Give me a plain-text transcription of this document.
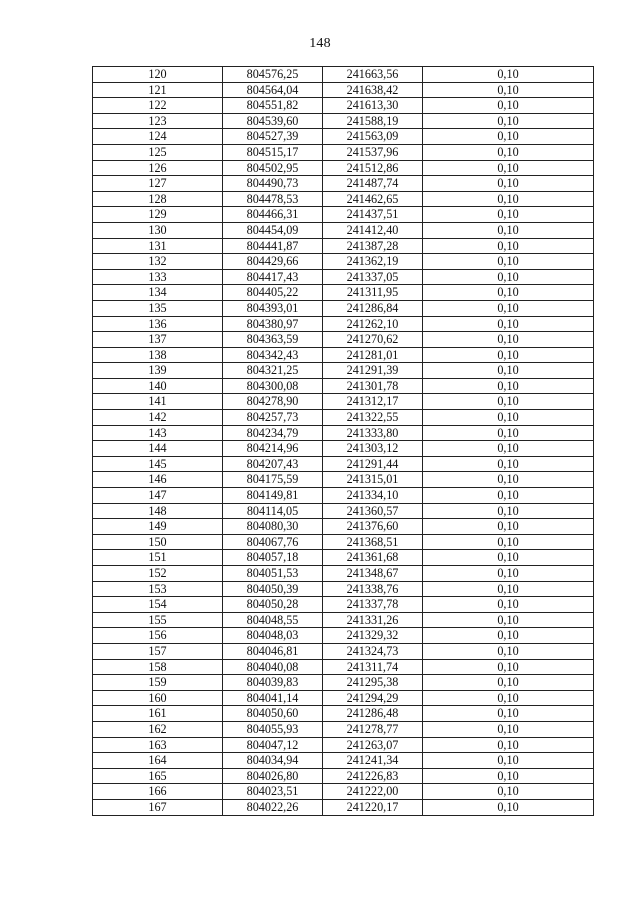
148
120	804576,25	241663,56	0,10
121	804564,04	241638,42	0,10
122	804551,82	241613,30	0,10
123	804539,60	241588,19	0,10
124	804527,39	241563,09	0,10
125	804515,17	241537,96	0,10
126	804502,95	241512,86	0,10
127	804490,73	241487,74	0,10
128	804478,53	241462,65	0,10
129	804466,31	241437,51	0,10
130	804454,09	241412,40	0,10
131	804441,87	241387,28	0,10
132	804429,66	241362,19	0,10
133	804417,43	241337,05	0,10
134	804405,22	241311,95	0,10
135	804393,01	241286,84	0,10
136	804380,97	241262,10	0,10
137	804363,59	241270,62	0,10
138	804342,43	241281,01	0,10
139	804321,25	241291,39	0,10
140	804300,08	241301,78	0,10
141	804278,90	241312,17	0,10
142	804257,73	241322,55	0,10
143	804234,79	241333,80	0,10
144	804214,96	241303,12	0,10
145	804207,43	241291,44	0,10
146	804175,59	241315,01	0,10
147	804149,81	241334,10	0,10
148	804114,05	241360,57	0,10
149	804080,30	241376,60	0,10
150	804067,76	241368,51	0,10
151	804057,18	241361,68	0,10
152	804051,53	241348,67	0,10
153	804050,39	241338,76	0,10
154	804050,28	241337,78	0,10
155	804048,55	241331,26	0,10
156	804048,03	241329,32	0,10
157	804046,81	241324,73	0,10
158	804040,08	241311,74	0,10
159	804039,83	241295,38	0,10
160	804041,14	241294,29	0,10
161	804050,60	241286,48	0,10
162	804055,93	241278,77	0,10
163	804047,12	241263,07	0,10
164	804034,94	241241,34	0,10
165	804026,80	241226,83	0,10
166	804023,51	241222,00	0,10
167	804022,26	241220,17	0,10
